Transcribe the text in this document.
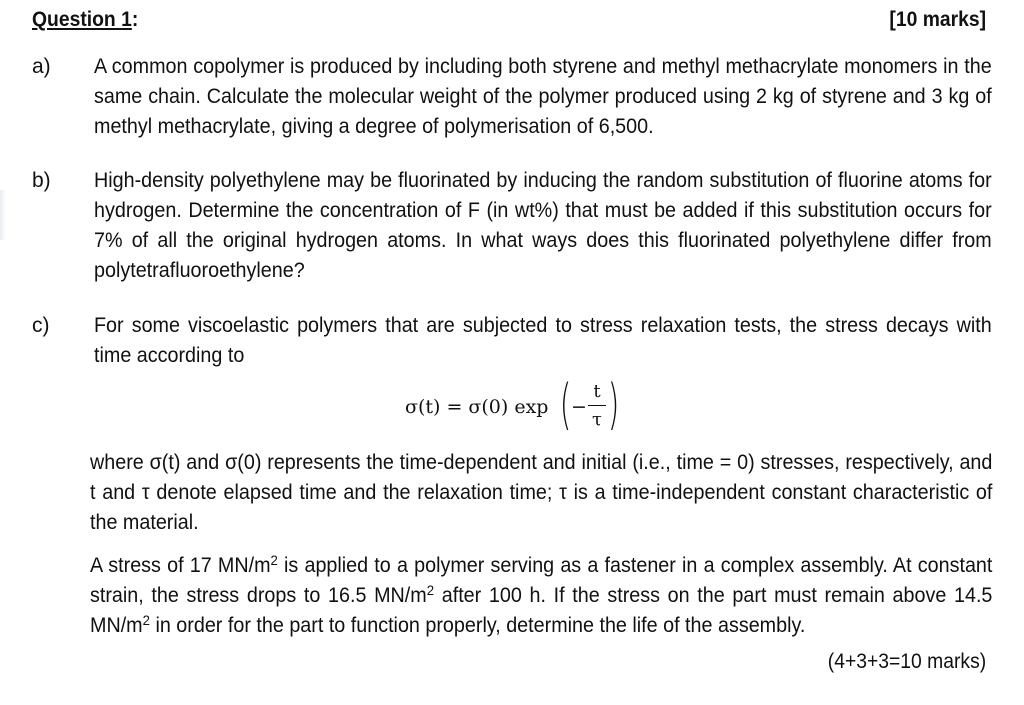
Question 1:	[10 marks]
a) A common copolymer is produced by including both styrene and methyl methacrylate monomers in the same chain. Calculate the molecular weight of the polymer produced using 2 kg of styrene and 3 kg of methyl methacrylate, giving a degree of polymerisation of 6,500.
b) High-density polyethylene may be fluorinated by inducing the random substitution of fluorine atoms for hydrogen. Determine the concentration of F (in wt%) that must be added if this substitution occurs for 7% of all the original hydrogen atoms. In what ways does this fluorinated polyethylene differ from polytetrafluoroethylene?
c) For some viscoelastic polymers that are subjected to stress relaxation tests, the stress decays with time according to
σ(t) = σ(0) exp ( −
t
τ )
where σ(t) and σ(0) represents the time-dependent and initial (i.e., time = 0) stresses, respectively, and t and τ denote elapsed time and the relaxation time; τ is a time-independent constant characteristic of the material.
A stress of 17 $MN/m^2$ is applied to a polymer serving as a fastener in a complex assembly. At constant strain, the stress drops to 16.5 $MN/m^2$ after 100 h. If the stress on the part must remain above 14.5 $MN/m^2$ in order for the part to function properly, determine the life of the assembly.
(4+3+3=10 marks)
